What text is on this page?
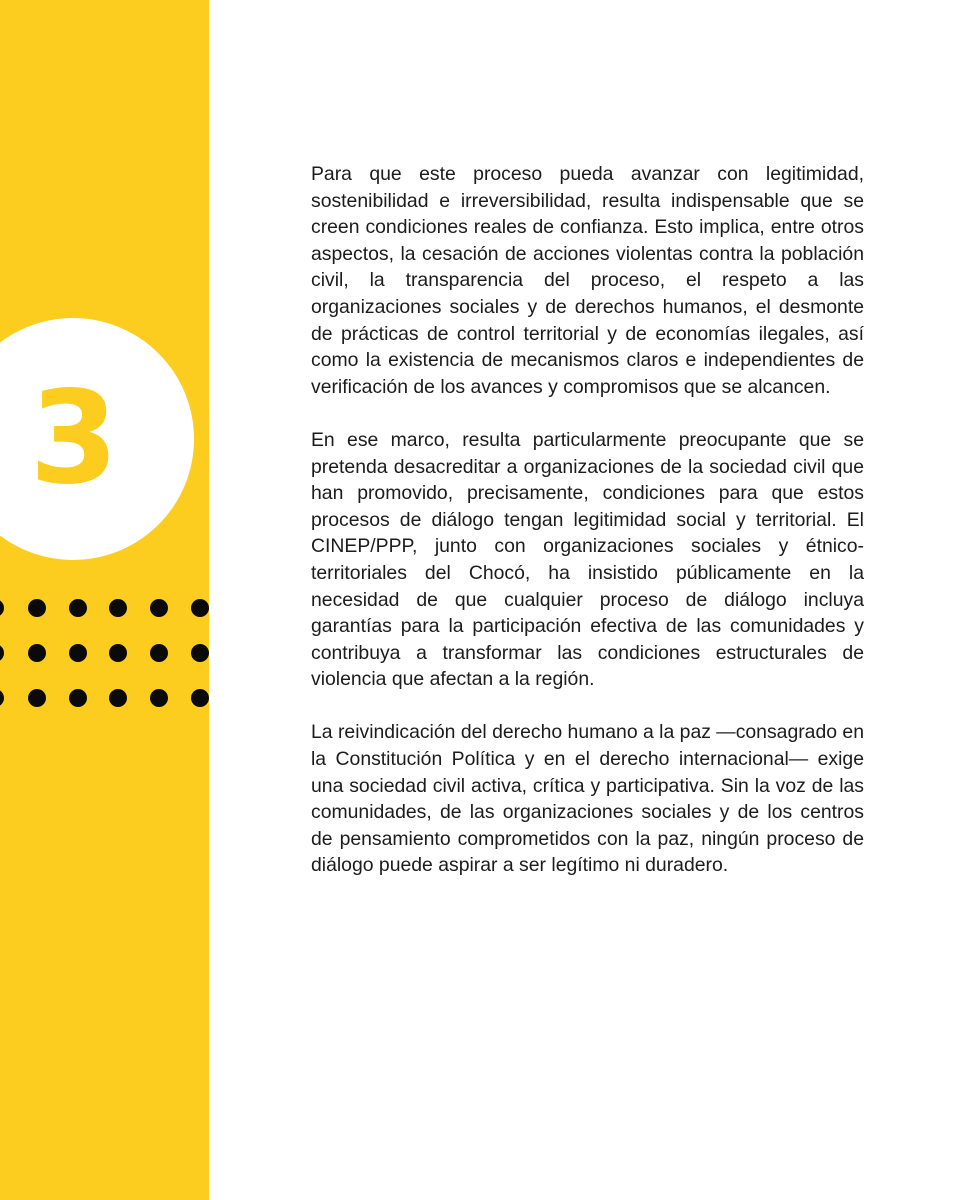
3

Para que este proceso pueda avanzar con legitimidad, sostenibilidad e irreversibilidad, resulta indispensable que se creen condiciones reales de confianza. Esto implica, entre otros aspectos, la cesación de acciones violentas contra la población civil, la transparencia del proceso, el respeto a las organizaciones sociales y de derechos humanos, el desmonte de prácticas de control territorial y de economías ilegales, así como la existencia de mecanismos claros e independientes de verificación de los avances y compromisos que se alcancen.

En ese marco, resulta particularmente preocupante que se pretenda desacreditar a organizaciones de la sociedad civil que han promovido, precisamente, condiciones para que estos procesos de diálogo tengan legitimidad social y territorial. El CINEP/PPP, junto con organizaciones sociales y étnico-territoriales del Chocó, ha insistido públicamente en la necesidad de que cualquier proceso de diálogo incluya garantías para la participación efectiva de las comunidades y contribuya a transformar las condiciones estructurales de violencia que afectan a la región.

La reivindicación del derecho humano a la paz —consagrado en la Constitución Política y en el derecho internacional— exige una sociedad civil activa, crítica y participativa. Sin la voz de las comunidades, de las organizaciones sociales y de los centros de pensamiento comprometidos con la paz, ningún proceso de diálogo puede aspirar a ser legítimo ni duradero.
